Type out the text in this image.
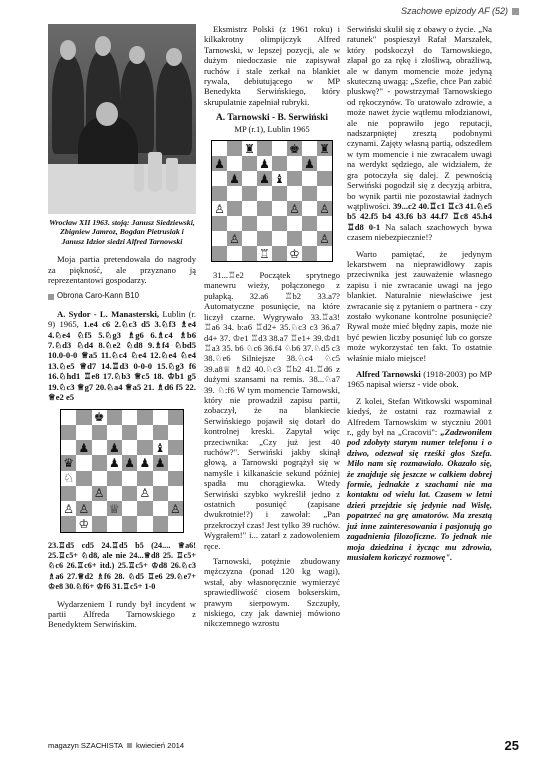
Szachowe epizody AF (52)
Wrocław XII 1963. stoją: Janusz Siedziewski, Zbigniew Jamroz, Bogdan Pietrusiak i Janusz Idzior siedzi Alfred Tarnowski

Moja partia pretendowała do nagrody za piękność, ale przyznano ją reprezentantowi gospodarzy.

Obrona Caro-Kann B10

A. Sydor - L. Manasterski, Lublin (r. 9) 1965, 1.e4 c6 2.♘c3 d5 3.♘f3 ♗e4 4.♘e4 ♘f5 5.♘g3 ♗g6 6.♗c4 ♗b6 7.♘d3 ♘d4 8.♘e2 ♘d8 9.♗f4 ♘bd5 10.0-0-0 ♕a5 11.♘c4 ♘e4 12.♘e4 ♘e4 13.♘e5 ♕d7 14.♖d3 0-0-0 15.♘g3 f6 16.♘hd1 ♖e8 17.♘b3 ♕c5 18. ♔b1 g5 19.♘c3 ♕g7 20.♘a4 ♕a5 21. ♗d6 f5 22. ♕e2 e5

♚
♟ ♟	♝
♛	♟ ♟ ♟ ♟
♘
♙	♙
♙ ♙ ♕	♙
♔

23.♖d5 cd5 24.♖d5 b5 (24.... ♕a6! 25.♖c5+ ♘d8, ale nie 24...♕d8 25. ♖c5+ ♘c6 26.♖c6+ itd.) 25.♖c5+ ♔d8 26.♘c3 ♗a6 27.♕d2 ♗f6 28. ♘d5 ♖e6 29.♘e7+ ♔e8 30.♘f6+ ♔f6 31.♖c5+ 1-0

Wydarzeniem I rundy był incydent w partii Alfreda Tarnowskiego z Benedyktem Serwińskim.

Eksmistrz Polski (z 1961 roku) i kilkakrotny olimpijczyk Alfred Tarnowski, w lepszej pozycji, ale w dużym niedoczasie nie zapisywał ruchów i stale zerkał na blankiet rywala, debiutującego w MP Benedykta Serwińskiego, który skrupulatnie zapełniał rubryki.

A. Tarnowski - B. Serwiński
MP (r.1), Lublin 1965
♜	♚ ♜
♟	♟	♟
♟ ♟ ♝
♙	♙ ♙
♙	♙
♖ ♔

31...♖e2 Początek sprytnego manewru wieży, połączonego z pułapką. 32.a6 ♖b2 33.a7? Automatyczne posunięcie, na które liczył czarne. Wygrywało 33.♖a3! ♖a6 34. b:a6 ♖d2+ 35.♘c3 c3 36.a7 d4+ 37. ♔e1 ♖d3 38.a7 ♖e1+ 39.♔d1 ♖a3 35. b6 ♘c6 36.f4 ♘b6 37.♘d5 c3 38.♘e6 Silniejsze 38.♘c4 ♘c5 39.a8♕ ♗d2 40.♘c3 ♖b2 41.♖d6 z dużymi szansami na remis. 38...♘a7 39. ♘:f6 W tym momencie Tarnowski, który nie prowadził zapisu partii, zobaczył, że na blankiecie Serwińskiego pojawił się dotarł do kontrolnej kreski. Zapytał więc przeciwnika: „Czy już jest 40 ruchów?". Serwiński jakby skinął głową, a Tarnowski pogrążył się w namyśle i kilkanaście sekund później spadła mu chorągiewka. Wtedy Serwiński szybko wykreślił jedno z ostatnich posunięć (zapisane dwukrotnie!?) i zawołał: „Pan przekroczył czas! Jest tylko 39 ruchów. Wygrałem!" i... zatarł z zadowoleniem ręce.

Tarnowski, potężnie zbudowany mężczyzna (ponad 120 kg wagi), wstał, aby własnoręcznie wymierzyć sprawiedliwość ciosem bokserskim, prawym sierpowym. Szczupły, niskiego, czy jak dawniej mówiono nikczemnego wzrostu

Serwiński skulił się z obawy o życie. „Na ratunek" pospieszył Rafał Marszałek, który podskoczył do Tarnowskiego, złapał go za rękę i złośliwą, obraźliwą, ale w danym momencie może jedyną skuteczną uwagą: „Szefie, chce Pan zabić pluskwę?" - powstrzymał Tarnowskiego od rękoczynów. To uratowało zdrowie, a może nawet życie wątłemu młodzianowi, ale nie poprawiło jego reputacji, nadszarpniętej zresztą podobnymi czynami. Zajęty własną partią, odszedłem w tym momencie i nie zwracałem uwagi na werdykt sędziego, ale widziałem, że gra potoczyła się dalej. Z pewnością Serwiński pogodził się z decyzją arbitra, bo wynik partii nie pozostawiał żadnych wątpliwości. 39...c2 40.♖c1 ♖c3 41.♘e5 b5 42.f5 b4 43.f6 b3 44.f7 ♖c8 45.h4 ♖d8 0-1 Na salach szachowych bywa czasem niebezpiecznie!?

Warto pamiętać, że jedynym lekarstwem na nieprawidłowy zapis przeciwnika jest zauważenie własnego zapisu i nie zwracanie uwagi na jego blankiet. Naturalnie niewłaściwe jest zwracanie się z pytaniem o partnera - czy zostało wykonane kontrolne posunięcie? Rywal może mieć błędny zapis, może nie być pewien liczby posunięć lub co gorsze może wykorzystać ten fakt. To ostatnie właśnie miało miejsce!

Alfred Tarnowski (1918-2003) po MP 1965 napisał wiersz - vide obok.

Z kolei, Stefan Witkowski wspominał kiedyś, że ostatni raz rozmawiał z Alfredem Tarnowskim w styczniu 2001 r., gdy był na „Cracovii": „Zadzwoniłem pod zdobyty starym numer telefonu i o dziwo, odezwał się rześki głos Szefa. Miło nam się rozmawiało. Okazało się, że znajduje się jeszcze w całkiem dobrej formie, jednakże z szachami nie ma kontaktu od wielu lat. Czasem w letni dzień przejdzie się jedynie nad Wisłę, popatrzeć na grę amatorów. Ma zresztą już inne zainteresowania i pasjonują go zagadnienia filozoficzne. To jednak nie moja dziedzina i życząc mu zdrowia, musiałem kończyć rozmowę".

magazyn SZACHISTA kwiecień 2014	25
